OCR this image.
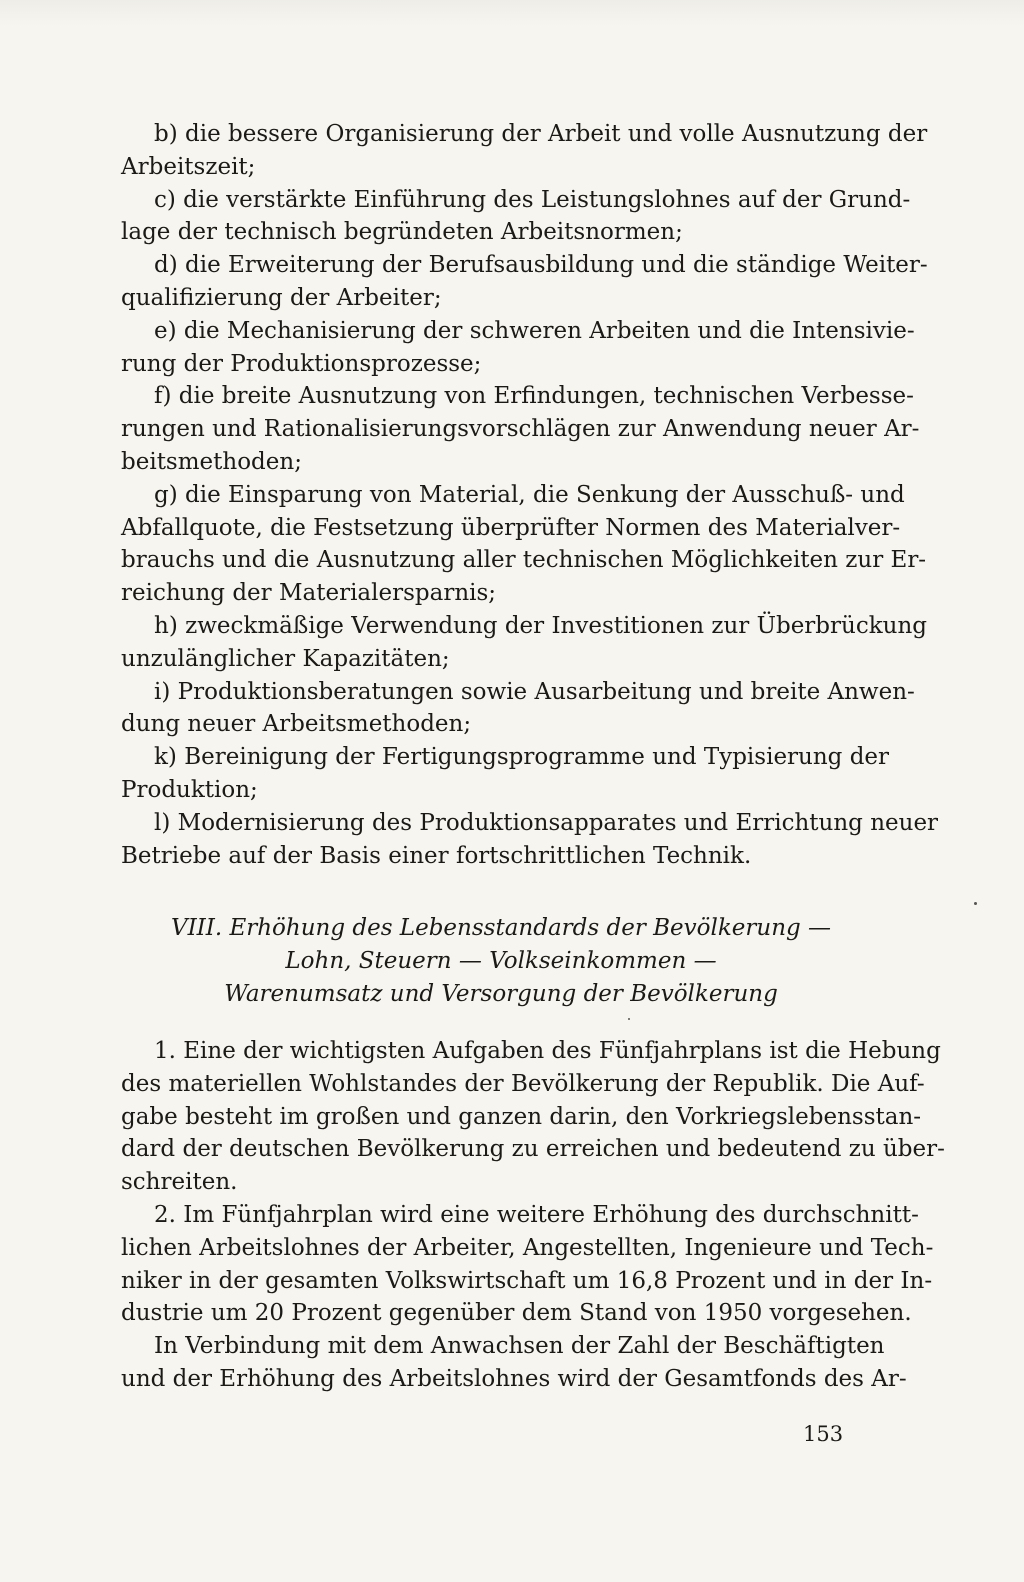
b) die bessere Organisierung der Arbeit und volle Ausnutzung der
Arbeitszeit;
c) die verstärkte Einführung des Leistungslohnes auf der Grund-
lage der technisch begründeten Arbeitsnormen;
d) die Erweiterung der Berufsausbildung und die ständige Weiter-
qualifizierung der Arbeiter;
e) die Mechanisierung der schweren Arbeiten und die Intensivie-
rung der Produktionsprozesse;
f) die breite Ausnutzung von Erfindungen, technischen Verbesse-
rungen und Rationalisierungsvorschlägen zur Anwendung neuer Ar-
beitsmethoden;
g) die Einsparung von Material, die Senkung der Ausschuß- und
Abfallquote, die Festsetzung überprüfter Normen des Materialver-
brauchs und die Ausnutzung aller technischen Möglichkeiten zur Er-
reichung der Materialersparnis;
h) zweckmäßige Verwendung der Investitionen zur Überbrückung
unzulänglicher Kapazitäten;
i) Produktionsberatungen sowie Ausarbeitung und breite Anwen-
dung neuer Arbeitsmethoden;
k) Bereinigung der Fertigungsprogramme und Typisierung der
Produktion;
l) Modernisierung des Produktionsapparates und Errichtung neuer
Betriebe auf der Basis einer fortschrittlichen Technik.
VIII. Erhöhung des Lebensstandards der Bevölkerung —
Lohn, Steuern — Volkseinkommen —
Warenumsatz und Versorgung der Bevölkerung
1. Eine der wichtigsten Aufgaben des Fünfjahrplans ist die Hebung
des materiellen Wohlstandes der Bevölkerung der Republik. Die Auf-
gabe besteht im großen und ganzen darin, den Vorkriegslebensstan-
dard der deutschen Bevölkerung zu erreichen und bedeutend zu über-
schreiten.
2. Im Fünfjahrplan wird eine weitere Erhöhung des durchschnitt-
lichen Arbeitslohnes der Arbeiter, Angestellten, Ingenieure und Tech-
niker in der gesamten Volkswirtschaft um 16,8 Prozent und in der In-
dustrie um 20 Prozent gegenüber dem Stand von 1950 vorgesehen.
In Verbindung mit dem Anwachsen der Zahl der Beschäftigten
und der Erhöhung des Arbeitslohnes wird der Gesamtfonds des Ar-
153
